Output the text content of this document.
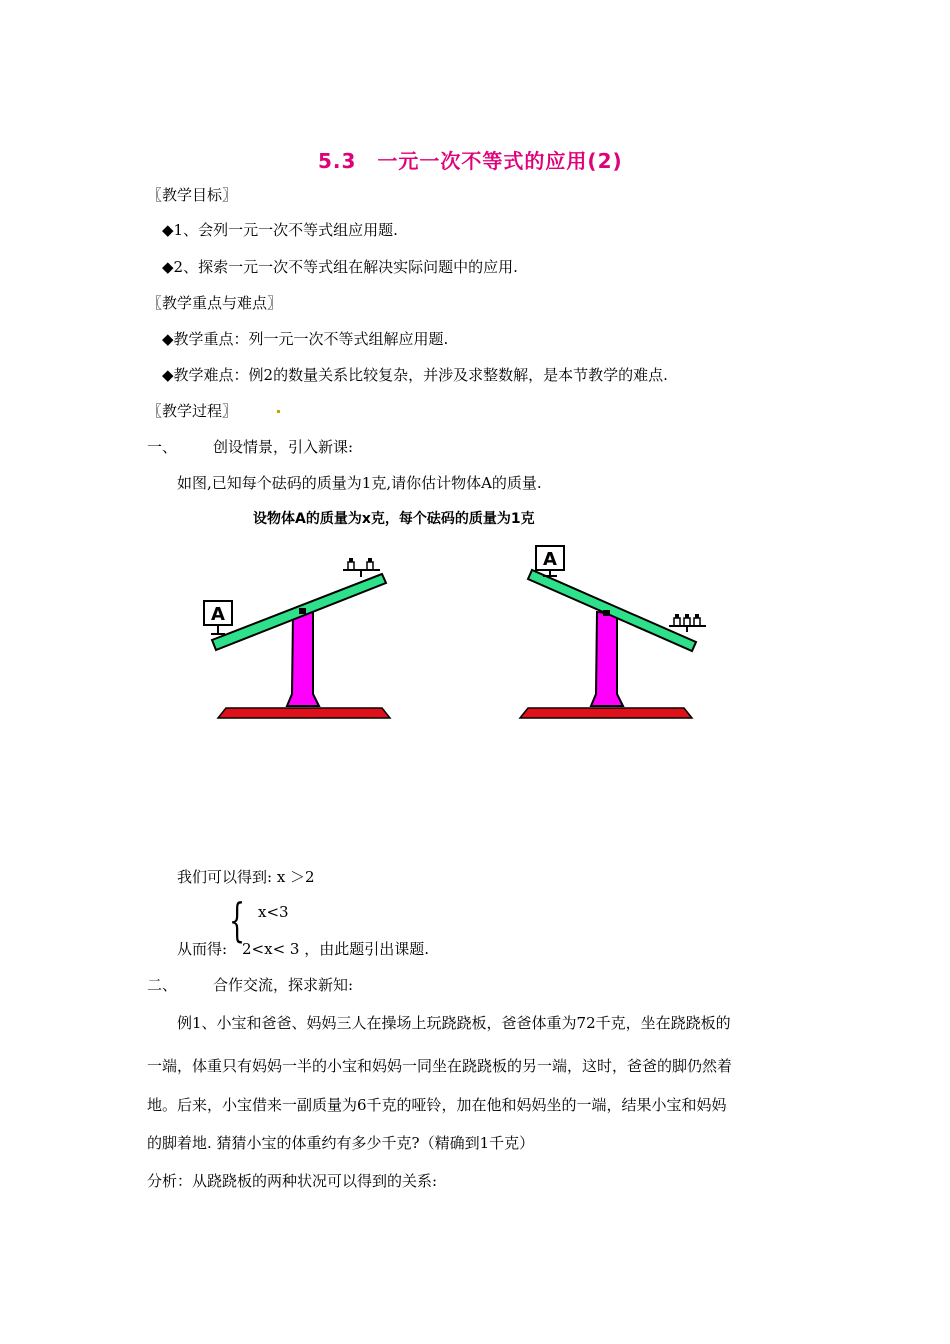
5.3　一元一次不等式的应用(2)
〖教学目标〗
◆1、会列一元一次不等式组应用题.
◆2、探索一元一次不等式组在解决实际问题中的应用.
〖教学重点与难点〗
◆教学重点：列一元一次不等式组解应用题.
◆教学难点：例2的数量关系比较复杂，并涉及求整数解，是本节教学的难点.
〖教学过程〗
一、 创设情景，引入新课:
如图,已知每个砝码的质量为1克,请你估计物体A的质量.
设物体A的质量为x克，每个砝码的质量为1克
A
A
我们可以得到: x ＞2
{ x<3
从而得: 2<x< 3 ，由此题引出课题.
二、 合作交流，探求新知:
例1、小宝和爸爸、妈妈三人在操场上玩跷跷板，爸爸体重为72千克，坐在跷跷板的
一端，体重只有妈妈一半的小宝和妈妈一同坐在跷跷板的另一端，这时，爸爸的脚仍然着
地。后来，小宝借来一副质量为6千克的哑铃，加在他和妈妈坐的一端，结果小宝和妈妈
的脚着地. 猜猜小宝的体重约有多少千克?（精确到1千克）
分析：从跷跷板的两种状况可以得到的关系:
